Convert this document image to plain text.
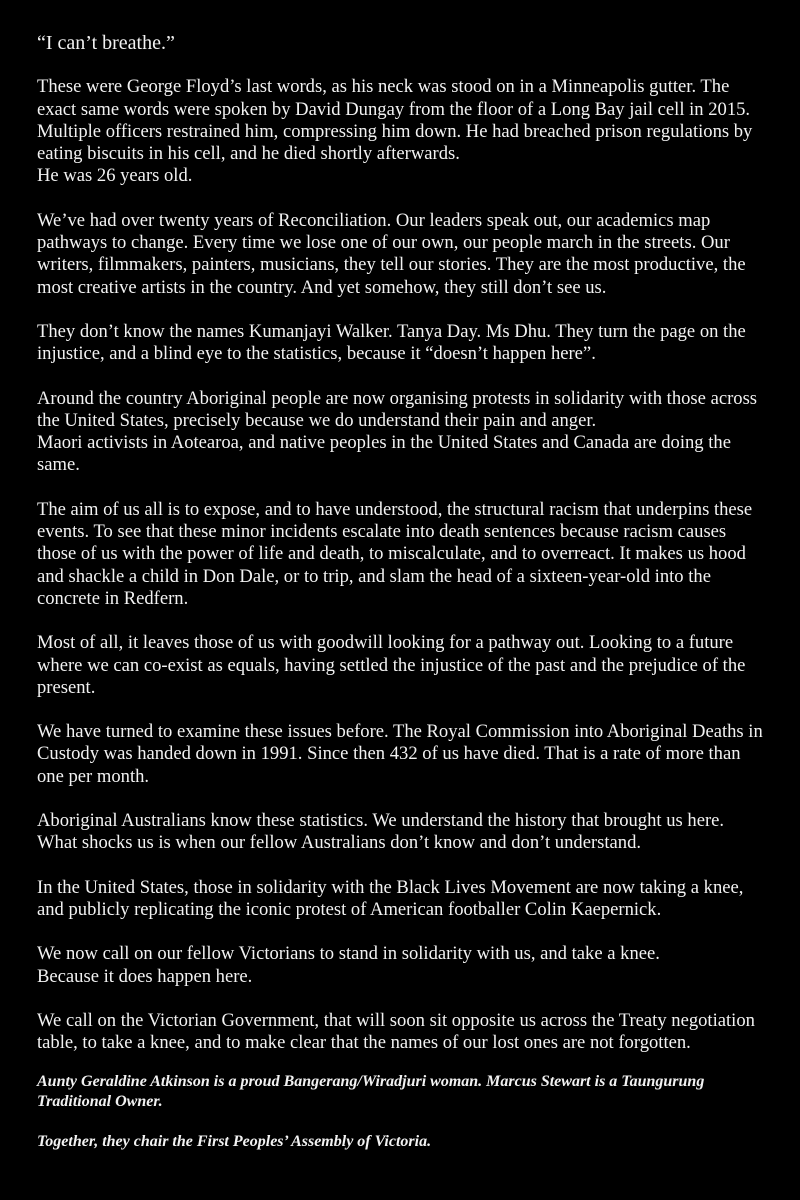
“I can’t breathe.”

These were George Floyd’s last words, as his neck was stood on in a Minneapolis gutter. The exact same words were spoken by David Dungay from the floor of a Long Bay jail cell in 2015. Multiple officers restrained him, compressing him down. He had breached prison regulations by eating biscuits in his cell, and he died shortly afterwards.
He was 26 years old.

We’ve had over twenty years of Reconciliation. Our leaders speak out, our academics map pathways to change. Every time we lose one of our own, our people march in the streets. Our writers, filmmakers, painters, musicians, they tell our stories. They are the most productive, the most creative artists in the country. And yet somehow, they still don’t see us.

They don’t know the names Kumanjayi Walker. Tanya Day. Ms Dhu. They turn the page on the injustice, and a blind eye to the statistics, because it “doesn’t happen here”.

Around the country Aboriginal people are now organising protests in solidarity with those across the United States, precisely because we do understand their pain and anger.
Maori activists in Aotearoa, and native peoples in the United States and Canada are doing the same.

The aim of us all is to expose, and to have understood, the structural racism that underpins these events. To see that these minor incidents escalate into death sentences because racism causes those of us with the power of life and death, to miscalculate, and to overreact. It makes us hood and shackle a child in Don Dale, or to trip, and slam the head of a sixteen-year-old into the concrete in Redfern.

Most of all, it leaves those of us with goodwill looking for a pathway out. Looking to a future where we can co-exist as equals, having settled the injustice of the past and the prejudice of the present.

We have turned to examine these issues before. The Royal Commission into Aboriginal Deaths in Custody was handed down in 1991. Since then 432 of us have died. That is a rate of more than one per month.

Aboriginal Australians know these statistics. We understand the history that brought us here. What shocks us is when our fellow Australians don’t know and don’t understand.

In the United States, those in solidarity with the Black Lives Movement are now taking a knee, and publicly replicating the iconic protest of American footballer Colin Kaepernick.

We now call on our fellow Victorians to stand in solidarity with us, and take a knee.
Because it does happen here.

We call on the Victorian Government, that will soon sit opposite us across the Treaty negotiation table, to take a knee, and to make clear that the names of our lost ones are not forgotten.

Aunty Geraldine Atkinson is a proud Bangerang/Wiradjuri woman. Marcus Stewart is a Taungurung Traditional Owner.

Together, they chair the First Peoples’ Assembly of Victoria.
